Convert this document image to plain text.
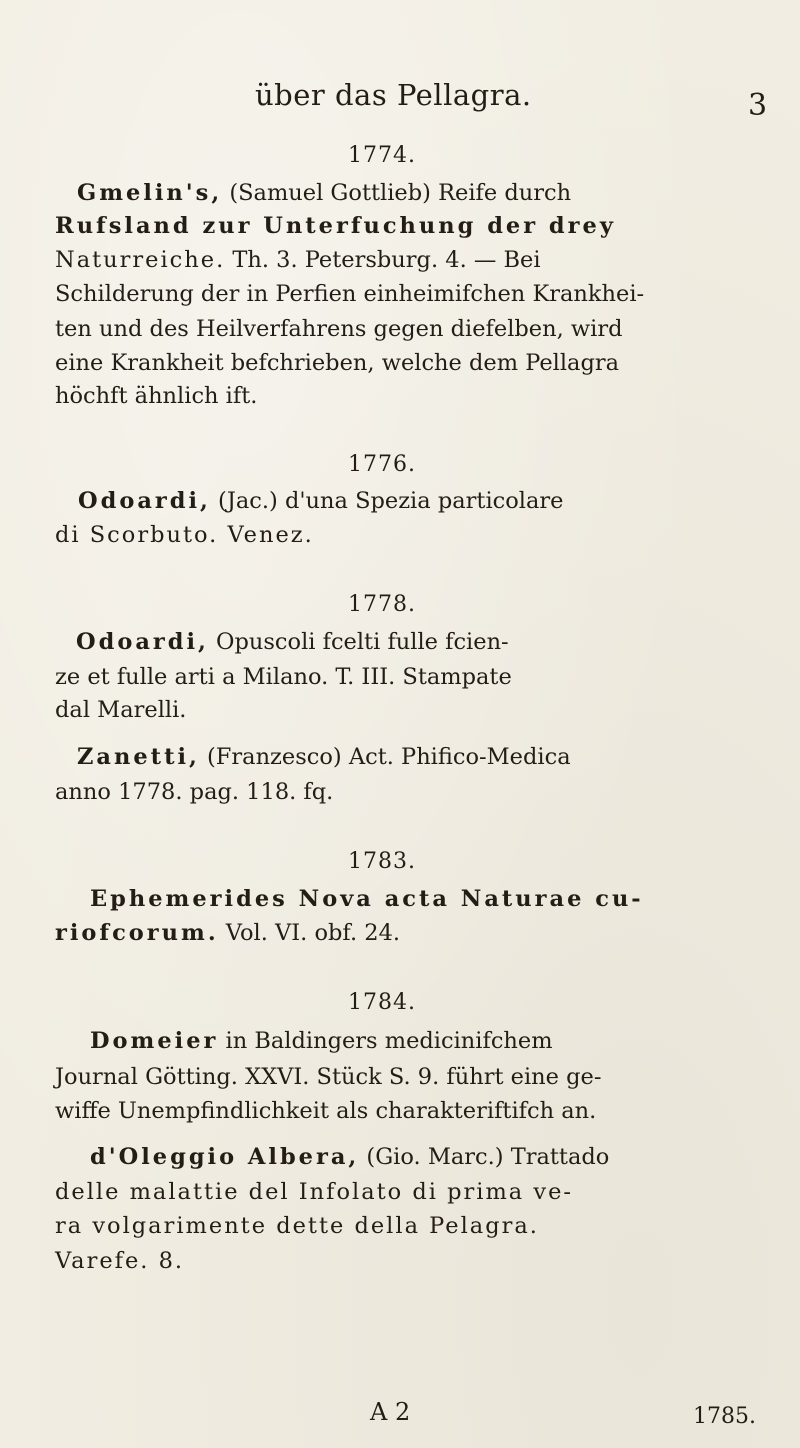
über das Pellagra.	3
1774.
Gmelin's, (Samuel Gottlieb) Reife durch
Rufsland zur Unterfuchung der drey
Naturreiche. Th. 3. Petersburg. 4. — Bei
Schilderung der in Perfien einheimifchen Krankhei-
ten und des Heilverfahrens gegen diefelben, wird
eine Krankheit befchrieben, welche dem Pellagra
höchft ähnlich ift.
1776.
Odoardi, (Jac.) d'una Spezia particolare
di Scorbuto. Venez.
1778.
Odoardi, Opuscoli fcelti fulle fcien-
ze et fulle arti a Milano. T. III. Stampate
dal Marelli.
Zanetti, (Franzesco) Act. Phifico-Medica
anno 1778. pag. 118. fq.
1783.
Ephemerides Nova acta Naturae cu-
riofcorum. Vol. VI. obf. 24.
1784.
Domeier in Baldingers medicinifchem
Journal Götting. XXVI. Stück S. 9. führt eine ge-
wiffe Unempfindlichkeit als charakteriftifch an.
d'Oleggio Albera, (Gio. Marc.) Trattado
delle malattie del Infolato di prima ve-
ra volgarimente dette della Pelagra.
Varefe. 8.
A 2	1785.
